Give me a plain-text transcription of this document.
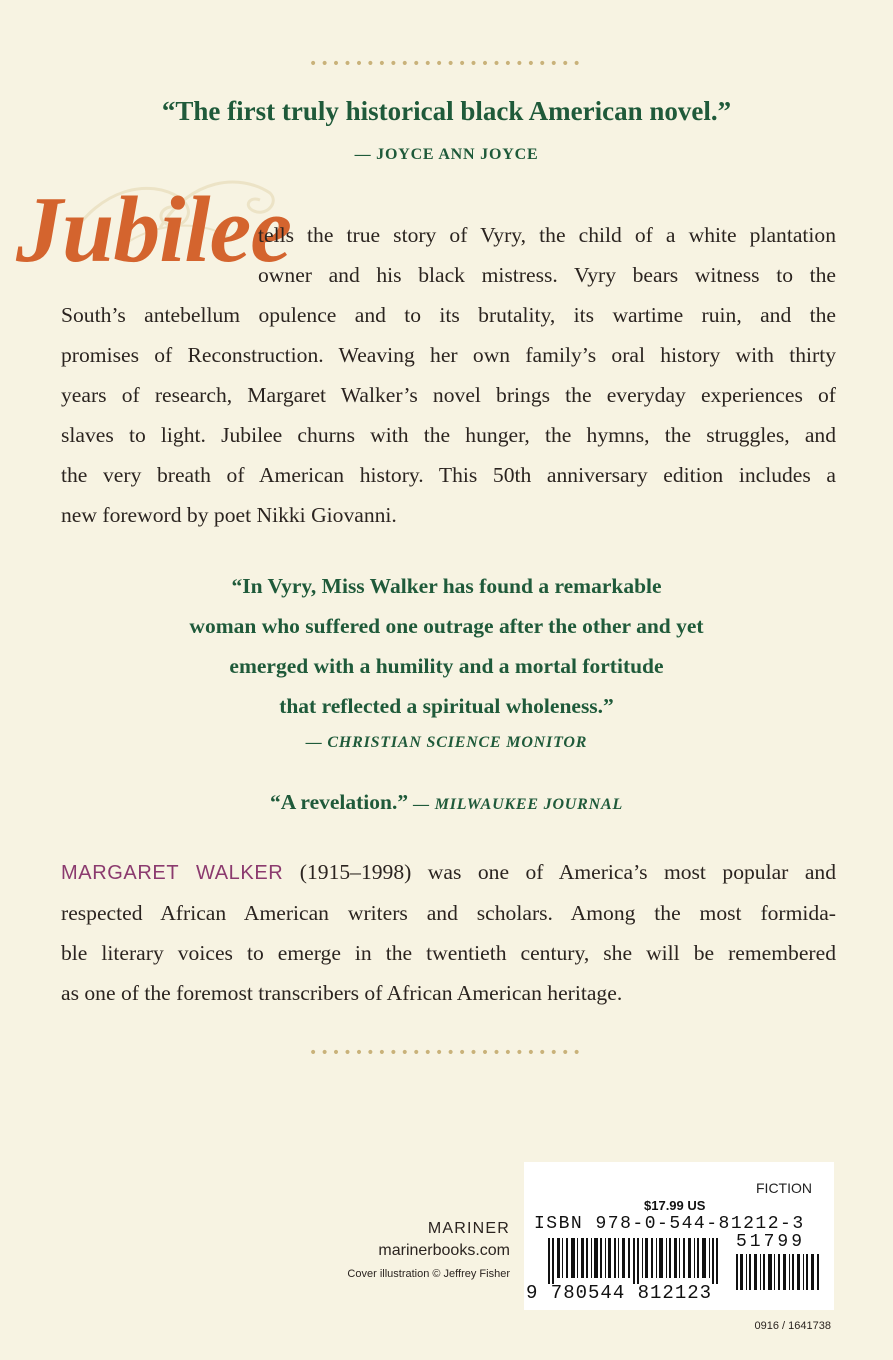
••••••••••••••••••••••••
“The first truly historical black American novel.”
— JOYCE ANN JOYCE
Jubilee
tells the true story of Vyry, the child of a white plantation
owner and his black mistress. Vyry bears witness to the
South’s antebellum opulence and to its brutality, its wartime ruin, and the
promises of Reconstruction. Weaving her own family’s oral history with thirty
years of research, Margaret Walker’s novel brings the everyday experiences of
slaves to light. Jubilee churns with the hunger, the hymns, the struggles, and
the very breath of American history. This 50th anniversary edition includes a
new foreword by poet Nikki Giovanni.
“In Vyry, Miss Walker has found a remarkable
woman who suffered one outrage after the other and yet
emerged with a humility and a mortal fortitude
that reflected a spiritual wholeness.”
— CHRISTIAN SCIENCE MONITOR
“A revelation.” — MILWAUKEE JOURNAL
MARGARET WALKER (1915–1998) was one of America’s most popular and
respected African American writers and scholars. Among the most formida-
ble literary voices to emerge in the twentieth century, she will be remembered
as one of the foremost transcribers of African American heritage.
••••••••••••••••••••••••
MARINER
marinerbooks.com
Cover illustration © Jeffrey Fisher
FICTION
$17.99 US
ISBN 978-0-544-81212-3
51799
9 780544 812123
0916 / 1641738
